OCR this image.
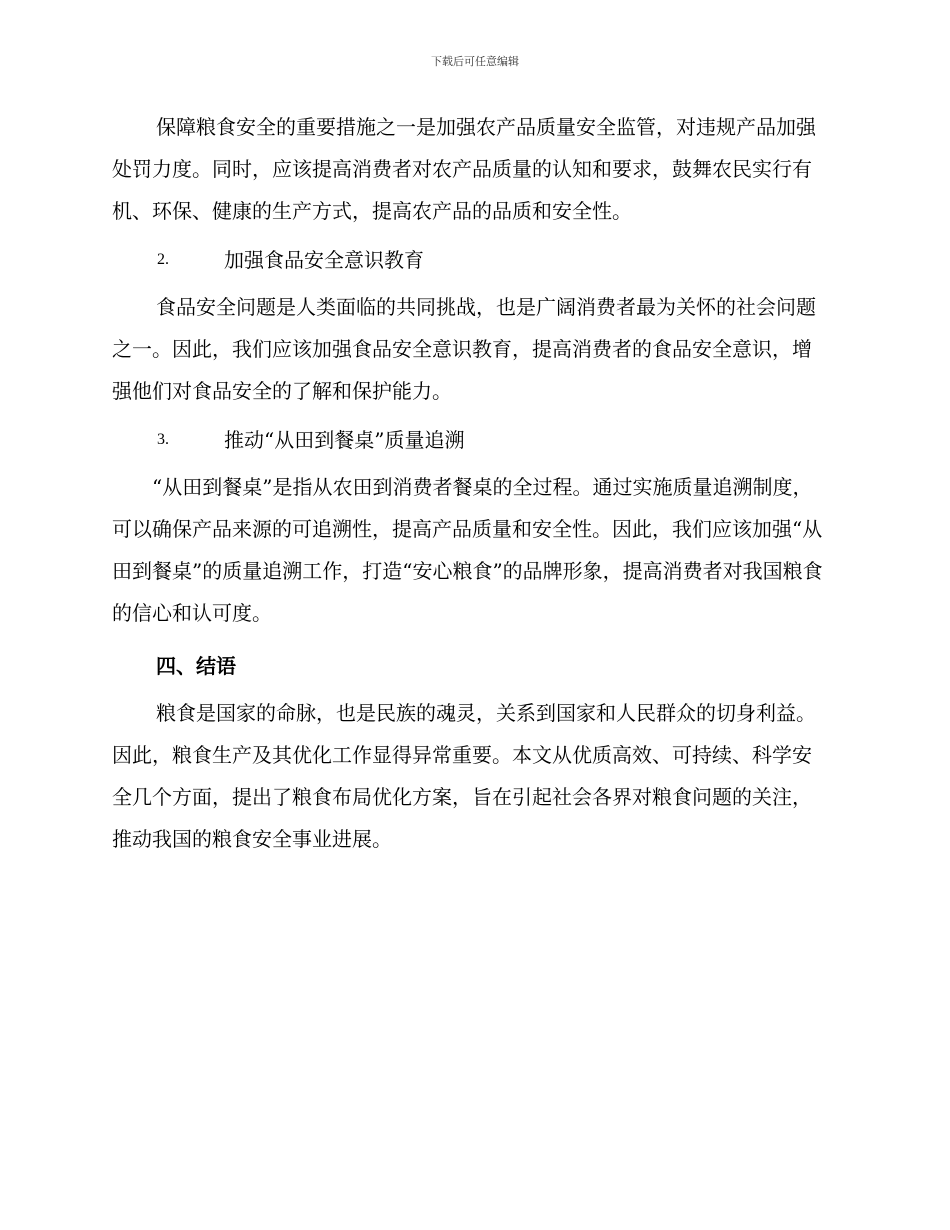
下载后可任意编辑

保障粮食安全的重要措施之一是加强农产品质量安全监管，对违规产品加强处罚力度。同时，应该提高消费者对农产品质量的认知和要求，鼓舞农民实行有机、环保、健康的生产方式，提高农产品的品质和安全性。

2.	加强食品安全意识教育

食品安全问题是人类面临的共同挑战，也是广阔消费者最为关怀的社会问题之一。因此，我们应该加强食品安全意识教育，提高消费者的食品安全意识，增强他们对食品安全的了解和保护能力。

3.	推动“从田到餐桌”质量追溯

“从田到餐桌”是指从农田到消费者餐桌的全过程。通过实施质量追溯制度，可以确保产品来源的可追溯性，提高产品质量和安全性。因此，我们应该加强“从田到餐桌”的质量追溯工作，打造“安心粮食”的品牌形象，提高消费者对我国粮食的信心和认可度。

四、结语

粮食是国家的命脉，也是民族的魂灵，关系到国家和人民群众的切身利益。因此，粮食生产及其优化工作显得异常重要。本文从优质高效、可持续、科学安全几个方面，提出了粮食布局优化方案，旨在引起社会各界对粮食问题的关注，推动我国的粮食安全事业进展。
